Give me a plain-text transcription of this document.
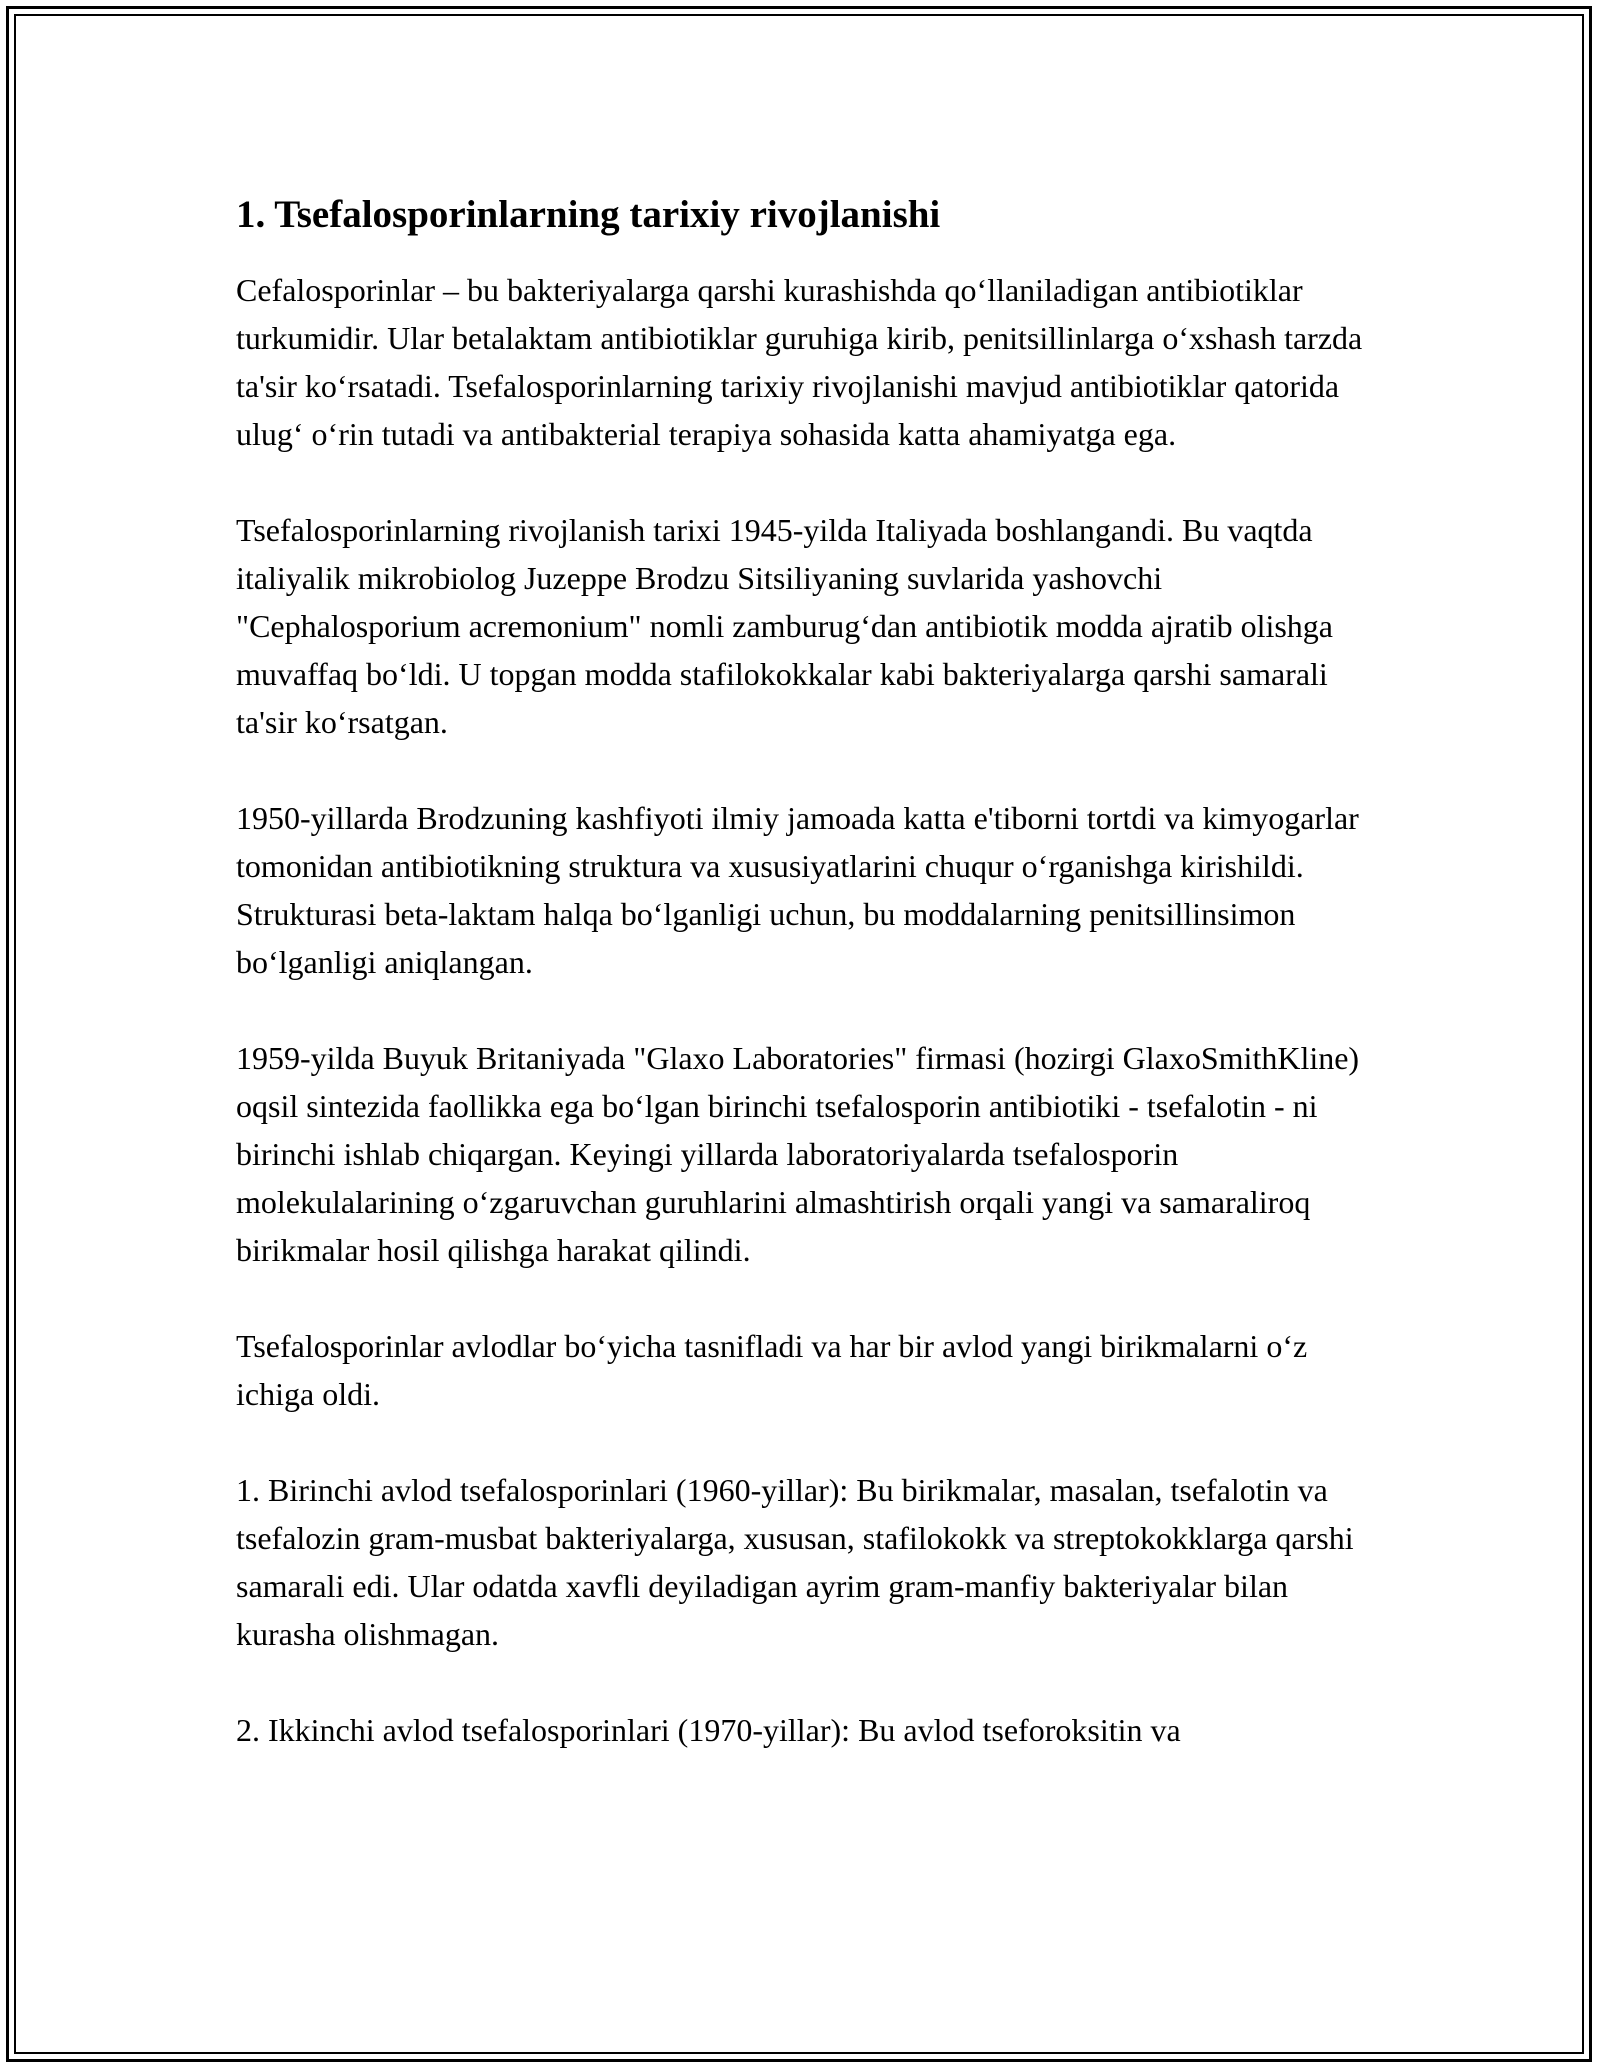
1. Tsefalosporinlarning tarixiy rivojlanishi

Cefalosporinlar – bu bakteriyalarga qarshi kurashishda qo‘llaniladigan antibiotiklar turkumidir. Ular betalaktam antibiotiklar guruhiga kirib, penitsillinlarga o‘xshash tarzda ta'sir ko‘rsatadi. Tsefalosporinlarning tarixiy rivojlanishi mavjud antibiotiklar qatorida ulug‘ o‘rin tutadi va antibakterial terapiya sohasida katta ahamiyatga ega.

Tsefalosporinlarning rivojlanish tarixi 1945-yilda Italiyada boshlangandi. Bu vaqtda italiyalik mikrobiolog Juzeppe Brodzu Sitsiliyaning suvlarida yashovchi "Cephalosporium acremonium" nomli zamburug‘dan antibiotik modda ajratib olishga muvaffaq bo‘ldi. U topgan modda stafilokokkalar kabi bakteriyalarga qarshi samarali ta'sir ko‘rsatgan.

1950-yillarda Brodzuning kashfiyoti ilmiy jamoada katta e'tiborni tortdi va kimyogarlar tomonidan antibiotikning struktura va xususiyatlarini chuqur o‘rganishga kirishildi. Strukturasi beta-laktam halqa bo‘lganligi uchun, bu moddalarning penitsillinsimon bo‘lganligi aniqlangan.

1959-yilda Buyuk Britaniyada "Glaxo Laboratories" firmasi (hozirgi GlaxoSmithKline) oqsil sintezida faollikka ega bo‘lgan birinchi tsefalosporin antibiotiki - tsefalotin - ni birinchi ishlab chiqargan. Keyingi yillarda laboratoriyalarda tsefalosporin molekulalarining o‘zgaruvchan guruhlarini almashtirish orqali yangi va samaraliroq birikmalar hosil qilishga harakat qilindi.

Tsefalosporinlar avlodlar bo‘yicha tasnifladi va har bir avlod yangi birikmalarni o‘z ichiga oldi.

1. Birinchi avlod tsefalosporinlari (1960-yillar): Bu birikmalar, masalan, tsefalotin va tsefalozin gram-musbat bakteriyalarga, xususan, stafilokokk va streptokokklarga qarshi samarali edi. Ular odatda xavfli deyiladigan ayrim gram-manfiy bakteriyalar bilan kurasha olishmagan.

2. Ikkinchi avlod tsefalosporinlari (1970-yillar): Bu avlod tseforoksitin va
